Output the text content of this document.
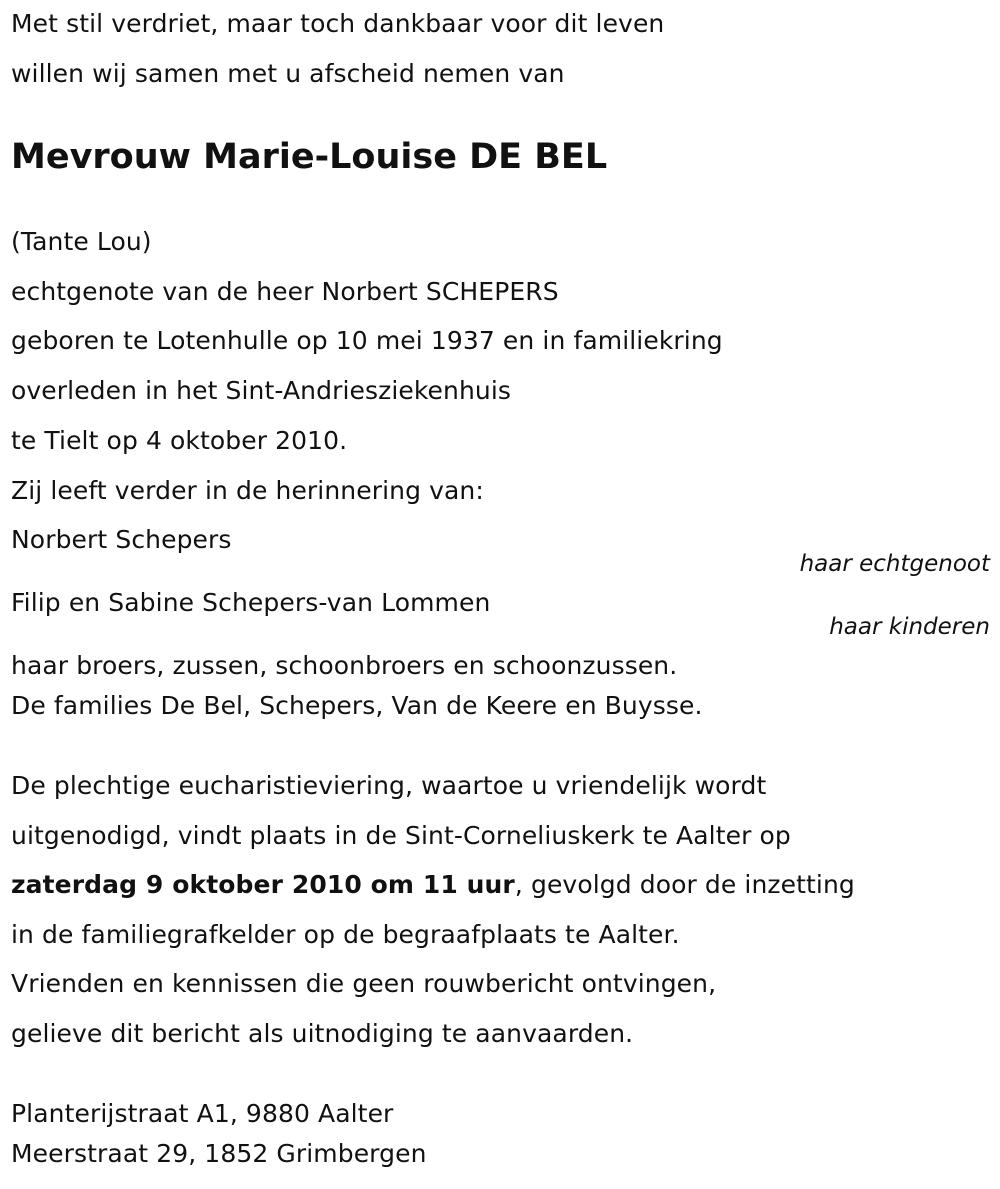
Met stil verdriet, maar toch dankbaar voor dit leven
willen wij samen met u afscheid nemen van
Mevrouw Marie-Louise DE BEL
(Tante Lou)
echtgenote van de heer Norbert SCHEPERS
geboren te Lotenhulle op 10 mei 1937 en in familiekring
overleden in het Sint-Andriesziekenhuis
te Tielt op 4 oktober 2010.
Zij leeft verder in de herinnering van:
Norbert Schepers
haar echtgenoot
Filip en Sabine Schepers-van Lommen
haar kinderen
haar broers, zussen, schoonbroers en schoonzussen.
De families De Bel, Schepers, Van de Keere en Buysse.
De plechtige eucharistieviering, waartoe u vriendelijk wordt
uitgenodigd, vindt plaats in de Sint-Corneliuskerk te Aalter op
zaterdag 9 oktober 2010 om 11 uur, gevolgd door de inzetting
in de familiegrafkelder op de begraafplaats te Aalter.
Vrienden en kennissen die geen rouwbericht ontvingen,
gelieve dit bericht als uitnodiging te aanvaarden.
Planterijstraat A1, 9880 Aalter
Meerstraat 29, 1852 Grimbergen
